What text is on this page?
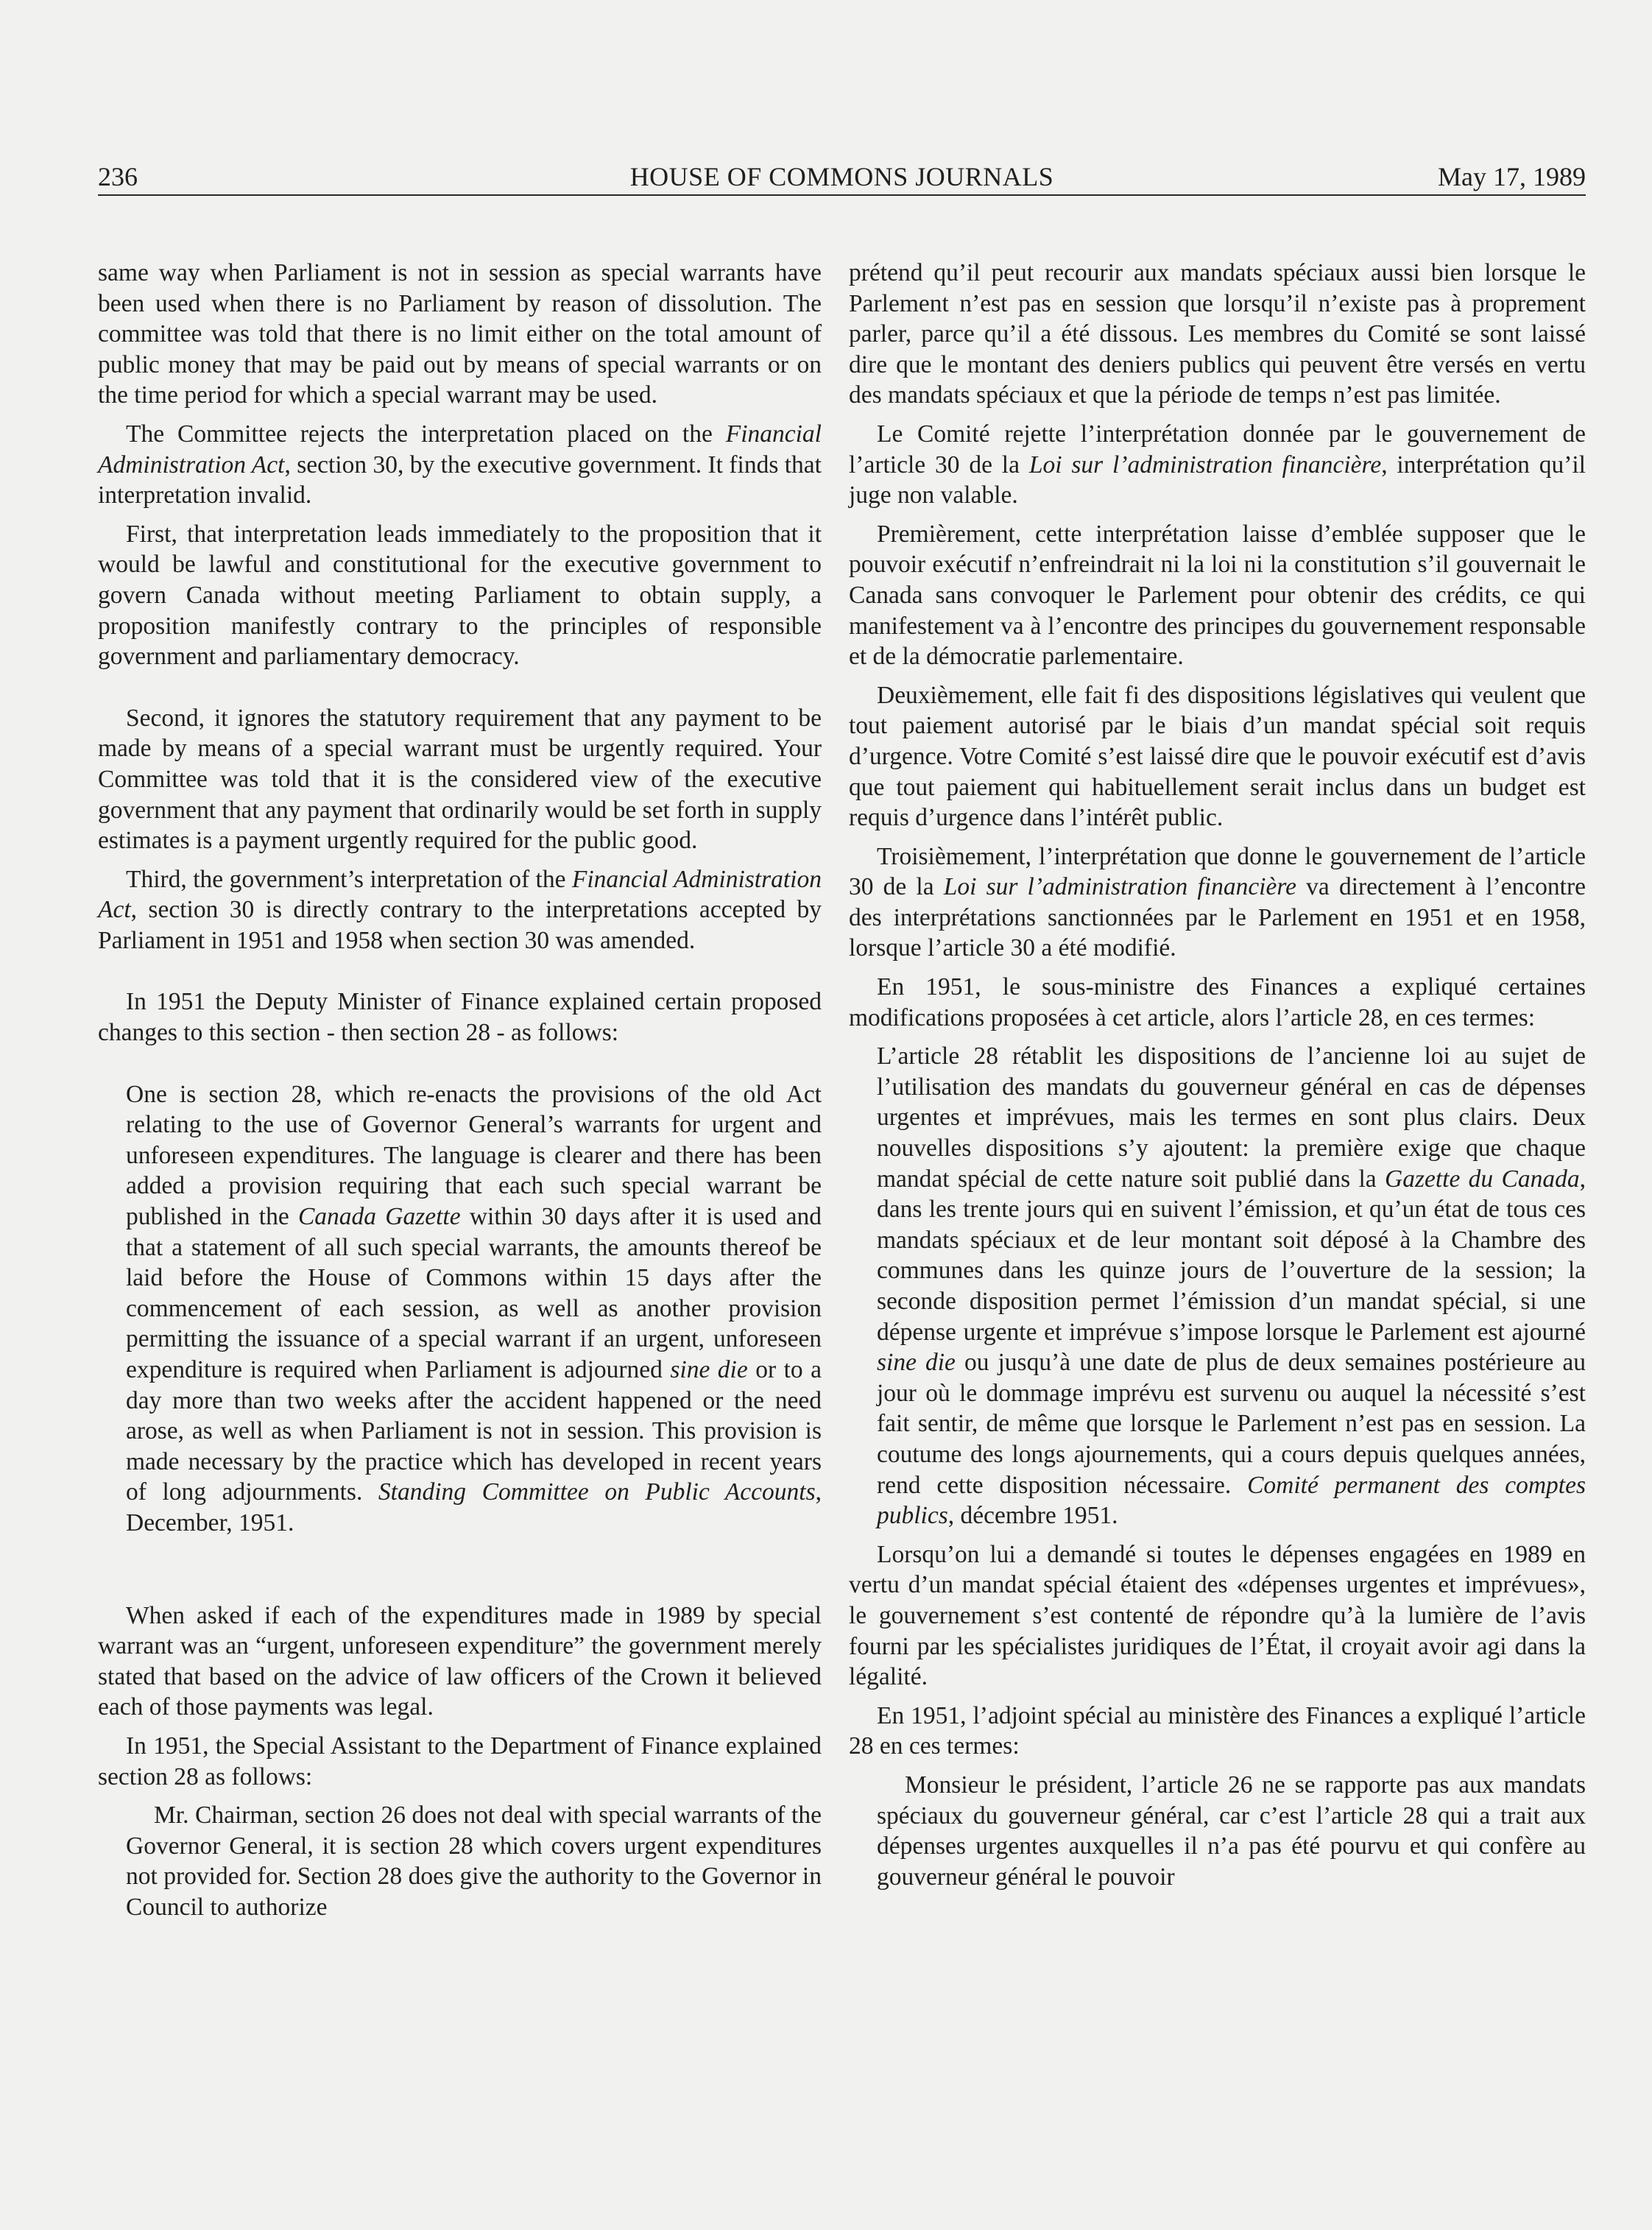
236	HOUSE OF COMMONS JOURNALS	May 17, 1989

same way when Parliament is not in session as special warrants have been used when there is no Parliament by reason of dissolution. The committee was told that there is no limit either on the total amount of public money that may be paid out by means of special warrants or on the time period for which a special warrant may be used.

The Committee rejects the interpretation placed on the Financial Administration Act, section 30, by the executive government. It finds that interpretation invalid.

First, that interpretation leads immediately to the proposition that it would be lawful and constitutional for the executive government to govern Canada without meeting Parliament to obtain supply, a proposition manifestly contrary to the principles of responsible government and parliamentary democracy.

Second, it ignores the statutory requirement that any payment to be made by means of a special warrant must be urgently required. Your Committee was told that it is the considered view of the executive government that any payment that ordinarily would be set forth in supply estimates is a payment urgently required for the public good.

Third, the government’s interpretation of the Financial Administration Act, section 30 is directly contrary to the interpretations accepted by Parliament in 1951 and 1958 when section 30 was amended.

In 1951 the Deputy Minister of Finance explained certain proposed changes to this section - then section 28 - as follows:

One is section 28, which re-enacts the provisions of the old Act relating to the use of Governor General’s warrants for urgent and unforeseen expenditures. The language is clearer and there has been added a provision requiring that each such special warrant be published in the Canada Gazette within 30 days after it is used and that a statement of all such special warrants, the amounts thereof be laid before the House of Commons within 15 days after the commencement of each session, as well as another provision permitting the issuance of a special warrant if an urgent, unforeseen expenditure is required when Parliament is adjourned sine die or to a day more than two weeks after the accident happened or the need arose, as well as when Parliament is not in session. This provision is made necessary by the practice which has developed in recent years of long adjournments. Standing Committee on Public Accounts, December, 1951.

When asked if each of the expenditures made in 1989 by special warrant was an “urgent, unforeseen expenditure” the government merely stated that based on the advice of law officers of the Crown it believed each of those payments was legal.

In 1951, the Special Assistant to the Department of Finance explained section 28 as follows:

Mr. Chairman, section 26 does not deal with special warrants of the Governor General, it is section 28 which covers urgent expenditures not provided for. Section 28 does give the authority to the Governor in Council to authorize

prétend qu’il peut recourir aux mandats spéciaux aussi bien lorsque le Parlement n’est pas en session que lorsqu’il n’existe pas à proprement parler, parce qu’il a été dissous. Les membres du Comité se sont laissé dire que le montant des deniers publics qui peuvent être versés en vertu des mandats spéciaux et que la période de temps n’est pas limitée.

Le Comité rejette l’interprétation donnée par le gouvernement de l’article 30 de la Loi sur l’administration financière, interprétation qu’il juge non valable.

Premièrement, cette interprétation laisse d’emblée supposer que le pouvoir exécutif n’enfreindrait ni la loi ni la constitution s’il gouvernait le Canada sans convoquer le Parlement pour obtenir des crédits, ce qui manifestement va à l’encontre des principes du gouvernement responsable et de la démocratie parlementaire.

Deuxièmement, elle fait fi des dispositions législatives qui veulent que tout paiement autorisé par le biais d’un mandat spécial soit requis d’urgence. Votre Comité s’est laissé dire que le pouvoir exécutif est d’avis que tout paiement qui habituellement serait inclus dans un budget est requis d’urgence dans l’intérêt public.

Troisièmement, l’interprétation que donne le gouvernement de l’article 30 de la Loi sur l’administration financière va directement à l’encontre des interprétations sanctionnées par le Parlement en 1951 et en 1958, lorsque l’article 30 a été modifié.

En 1951, le sous-ministre des Finances a expliqué certaines modifications proposées à cet article, alors l’article 28, en ces termes:

L’article 28 rétablit les dispositions de l’ancienne loi au sujet de l’utilisation des mandats du gouverneur général en cas de dépenses urgentes et imprévues, mais les termes en sont plus clairs. Deux nouvelles dispositions s’y ajoutent: la première exige que chaque mandat spécial de cette nature soit publié dans la Gazette du Canada, dans les trente jours qui en suivent l’émission, et qu’un état de tous ces mandats spéciaux et de leur montant soit déposé à la Chambre des communes dans les quinze jours de l’ouverture de la session; la seconde disposition permet l’émission d’un mandat spécial, si une dépense urgente et imprévue s’impose lorsque le Parlement est ajourné sine die ou jusqu’à une date de plus de deux semaines postérieure au jour où le dommage imprévu est survenu ou auquel la nécessité s’est fait sentir, de même que lorsque le Parlement n’est pas en session. La coutume des longs ajournements, qui a cours depuis quelques années, rend cette disposition nécessaire. Comité permanent des comptes publics, décembre 1951.

Lorsqu’on lui a demandé si toutes le dépenses engagées en 1989 en vertu d’un mandat spécial étaient des «dépenses urgentes et imprévues», le gouvernement s’est contenté de répondre qu’à la lumière de l’avis fourni par les spécialistes juridiques de l’État, il croyait avoir agi dans la légalité.

En 1951, l’adjoint spécial au ministère des Finances a expliqué l’article 28 en ces termes:

Monsieur le président, l’article 26 ne se rapporte pas aux mandats spéciaux du gouverneur général, car c’est l’article 28 qui a trait aux dépenses urgentes auxquelles il n’a pas été pourvu et qui confère au gouverneur général le pouvoir
